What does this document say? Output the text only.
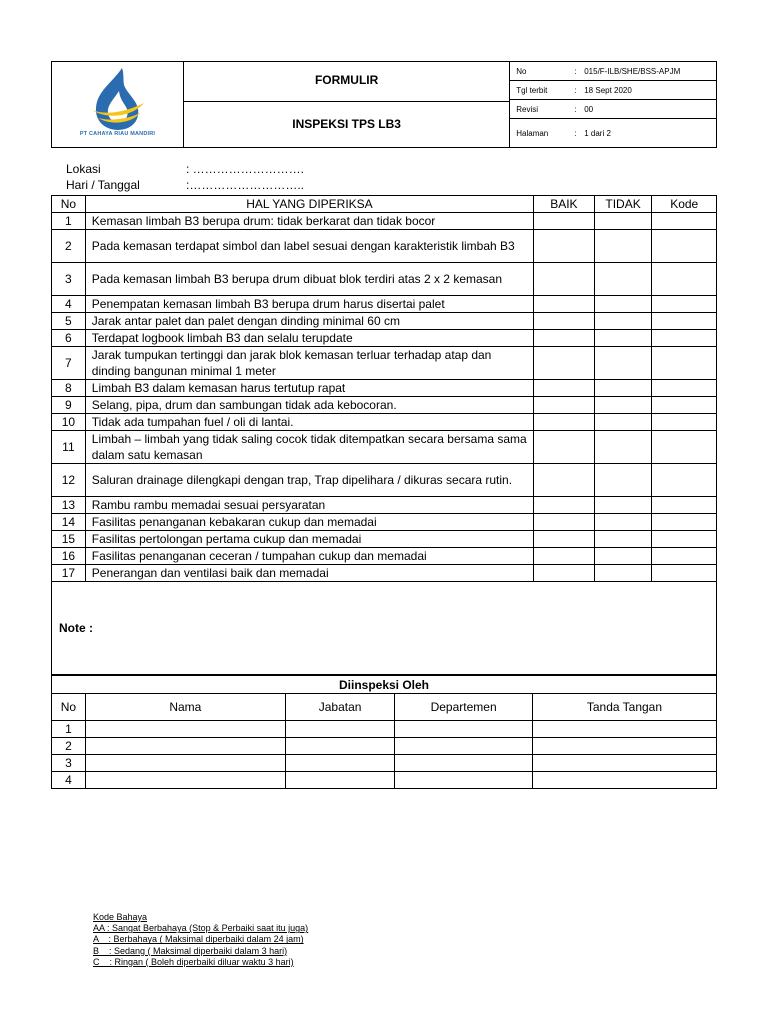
PT CAHAYA RIAU MANDIRI

FORMULIR
INSPEKSI TPS LB3

No	: 015/F-ILB/SHE/BSS-APJM
Tgl terbit	: 18 Sept 2020
Revisi	: 00
Halaman	: 1 dari 2
Lokasi	: ……………………….
Hari / Tanggal	:………………………..
No	HAL YANG DIPERIKSA	BAIK	TIDAK	Kode
1	Kemasan limbah B3 berupa drum: tidak berkarat dan tidak bocor			
2	Pada kemasan terdapat simbol dan label sesuai dengan karakteristik limbah B3			
3	Pada kemasan limbah B3 berupa drum dibuat blok terdiri atas 2 x 2 kemasan			
4	Penempatan kemasan limbah B3 berupa drum harus disertai palet			
5	Jarak antar palet dan palet dengan dinding minimal 60 cm			
6	Terdapat logbook limbah B3 dan selalu terupdate			
7	Jarak tumpukan tertinggi dan jarak blok kemasan terluar terhadap atap dan dinding bangunan minimal 1 meter			
8	Limbah B3 dalam kemasan harus tertutup rapat			
9	Selang, pipa, drum dan sambungan tidak ada kebocoran.			
10	Tidak ada tumpahan fuel / oli di lantai.			
11	Limbah – limbah yang tidak saling cocok tidak ditempatkan secara bersama sama dalam satu kemasan			
12	Saluran drainage dilengkapi dengan trap, Trap dipelihara / dikuras secara rutin.			
13	Rambu rambu memadai sesuai persyaratan			
14	Fasilitas penanganan kebakaran cukup dan memadai			
15	Fasilitas pertolongan pertama cukup dan memadai			
16	Fasilitas penanganan ceceran / tumpahan cukup dan memadai			
17	Penerangan dan ventilasi baik dan memadai			
Note :				
Diinspeksi Oleh				
No	Nama	Jabatan	Departemen	Tanda Tangan
1				
2				
3				
4				
Kode Bahaya
AA : Sangat Berbahaya (Stop & Perbaiki saat itu juga)
A    : Berbahaya ( Maksimal diperbaiki dalam 24 jam)
B    : Sedang ( Maksimal diperbaiki dalam 3 hari)
C    : Ringan ( Boleh diperbaiki diluar waktu 3 hari)
